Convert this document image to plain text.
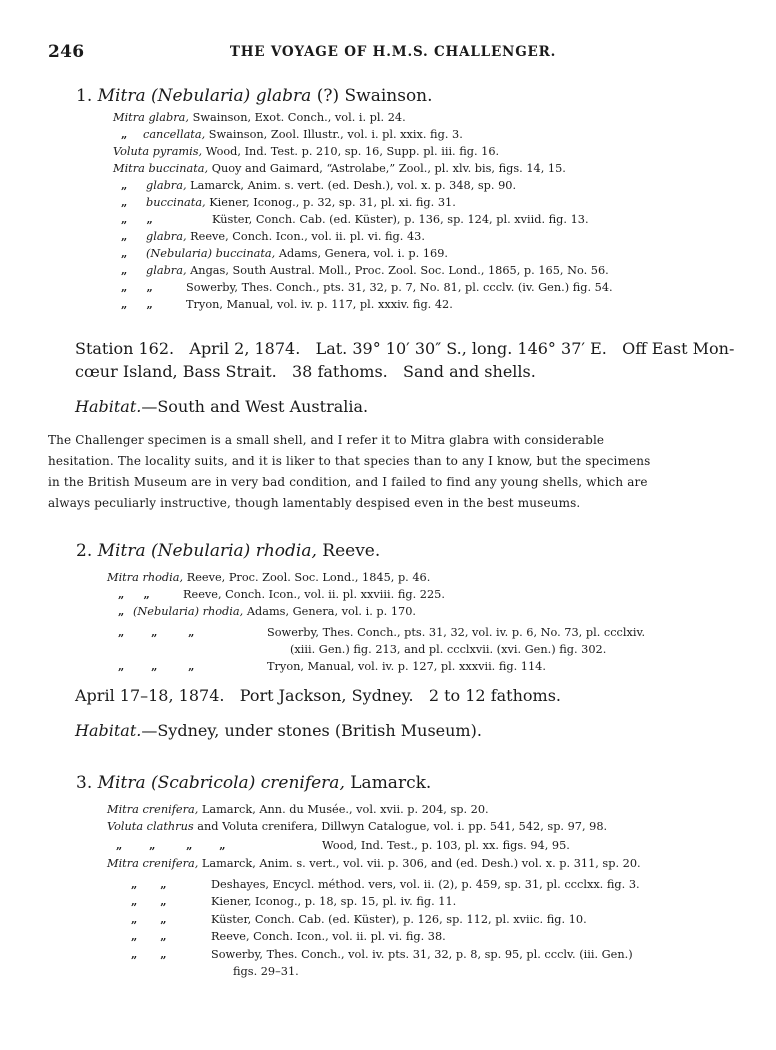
246	THE VOYAGE OF H.M.S. CHALLENGER.
1. Mitra (Nebularia) glabra (?) Swainson.
Mitra glabra, Swainson, Exot. Conch., vol. i. pl. 24.
„ cancellata, Swainson, Zool. Illustr., vol. i. pl. xxix. fig. 3.
Voluta pyramis, Wood, Ind. Test. p. 210, sp. 16, Supp. pl. iii. fig. 16.
Mitra buccinata, Quoy and Gaimard, “Astrolabe,” Zool., pl. xlv. bis, figs. 14, 15.
„ glabra, Lamarck, Anim. s. vert. (ed. Desh.), vol. x. p. 348, sp. 90.
„ buccinata, Kiener, Iconog., p. 32, sp. 31, pl. xi. fig. 31.
„     „	Küster, Conch. Cab. (ed. Küster), p. 136, sp. 124, pl. xviid. fig. 13.
„ glabra, Reeve, Conch. Icon., vol. ii. pl. vi. fig. 43.
„ (Nebularia) buccinata, Adams, Genera, vol. i. p. 169.
„ glabra, Angas, South Austral. Moll., Proc. Zool. Soc. Lond., 1865, p. 165, No. 56.
„     „	Sowerby, Thes. Conch., pts. 31, 32, p. 7, No. 81, pl. ccclv. (iv. Gen.) fig. 54.
„     „	Tryon, Manual, vol. iv. p. 117, pl. xxxiv. fig. 42.
Station 162.   April 2, 1874.   Lat. 39° 10′ 30″ S., long. 146° 37′ E.   Off East Mon-
cœur Island, Bass Strait.   38 fathoms.   Sand and shells.
Habitat.—South and West Australia.
The Challenger specimen is a small shell, and I refer it to Mitra glabra with considerable
hesitation. The locality suits, and it is liker to that species than to any I know, but the specimens
in the British Museum are in very bad condition, and I failed to find any young shells, which are
always peculiarly instructive, though lamentably despised even in the best museums.
2. Mitra (Nebularia) rhodia, Reeve.
Mitra rhodia, Reeve, Proc. Zool. Soc. Lond., 1845, p. 46.
„     „	Reeve, Conch. Icon., vol. ii. pl. xxviii. fig. 225.
„ (Nebularia) rhodia, Adams, Genera, vol. i. p. 170.
„       „        „	Sowerby, Thes. Conch., pts. 31, 32, vol. iv. p. 6, No. 73, pl. ccclxiv.
(xiii. Gen.) fig. 213, and pl. ccclxvii. (xvi. Gen.) fig. 302.
„       „        „	Tryon, Manual, vol. iv. p. 127, pl. xxxvii. fig. 114.
April 17–18, 1874.   Port Jackson, Sydney.   2 to 12 fathoms.
Habitat.—Sydney, under stones (British Museum).
3. Mitra (Scabricola) crenifera, Lamarck.
Mitra crenifera, Lamarck, Ann. du Musée., vol. xvii. p. 204, sp. 20.
Voluta clathrus and Voluta crenifera, Dillwyn Catalogue, vol. i. pp. 541, 542, sp. 97, 98.
„       „        „       „	Wood, Ind. Test., p. 103, pl. xx. figs. 94, 95.
Mitra crenifera, Lamarck, Anim. s. vert., vol. vii. p. 306, and (ed. Desh.) vol. x. p. 311, sp. 20.
„      „	Deshayes, Encycl. méthod. vers, vol. ii. (2), p. 459, sp. 31, pl. ccclxx. fig. 3.
„      „	Kiener, Iconog., p. 18, sp. 15, pl. iv. fig. 11.
„      „	Küster, Conch. Cab. (ed. Küster), p. 126, sp. 112, pl. xviic. fig. 10.
„      „	Reeve, Conch. Icon., vol. ii. pl. vi. fig. 38.
„      „	Sowerby, Thes. Conch., vol. iv. pts. 31, 32, p. 8, sp. 95, pl. ccclv. (iii. Gen.)
figs. 29–31.
